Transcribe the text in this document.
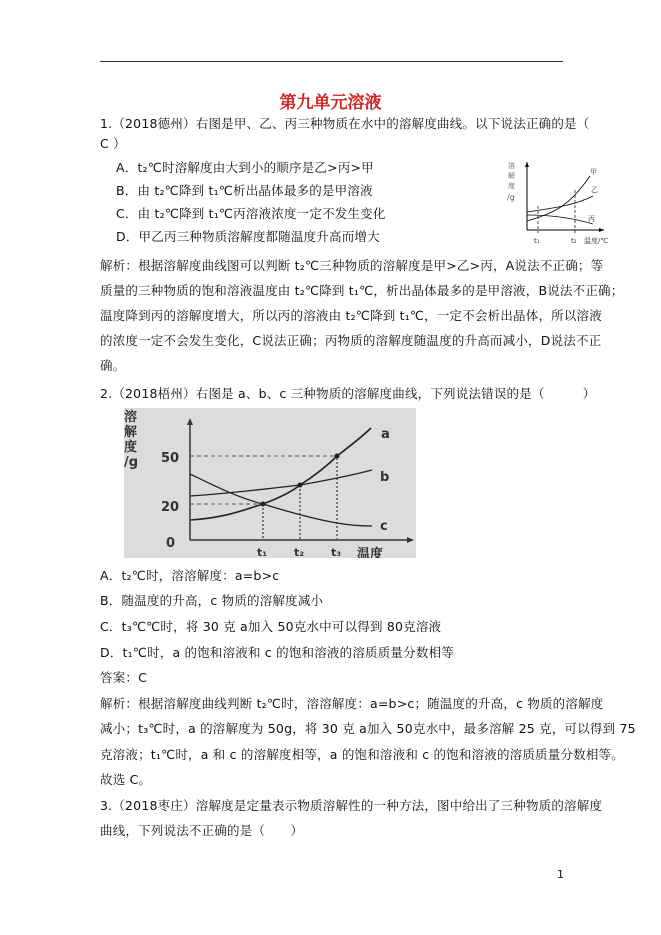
第九单元溶液
1.（2018德州）右图是甲、乙、丙三种物质在水中的溶解度曲线。以下说法正确的是（
C ）
A．t₂℃时溶解度由大到小的顺序是乙>丙>甲
B．由 t₂℃降到 t₁℃析出晶体最多的是甲溶液
C．由 t₂℃降到 t₁℃丙溶液浓度一定不发生变化
D．甲乙丙三种物质溶解度都随温度升高而增大
溶
解
度
/g
甲
乙
丙
t₁	t₂ 温度/℃
解析：根据溶解度曲线图可以判断 t₂℃三种物质的溶解度是甲>乙>丙，A说法不正确；等
质量的三种物质的饱和溶液温度由 t₂℃降到 t₁℃，析出晶体最多的是甲溶液，B说法不正确；
温度降到丙的溶解度增大，所以丙的溶液由 t₂℃降到 t₁℃，一定不会析出晶体，所以溶液
的浓度一定不会发生变化，C说法正确；丙物质的溶解度随温度的升高而减小，D说法不正
确。
2.（2018梧州）右图是 a、b、c 三种物质的溶解度曲线，下列说法错误的是（　　　）
溶
解
度
/g 50
20
0
a
b
c
t₁ t₂ t₃ 温度
A．t₂℃时，溶溶解度：a=b>c
B．随温度的升高，c 物质的溶解度减小
C．t₃℃℃时，将 30 克 a加入 50克水中可以得到 80克溶液
D．t₁℃时，a 的饱和溶液和 c 的饱和溶液的溶质质量分数相等
答案：C
解析：根据溶解度曲线判断 t₂℃时，溶溶解度：a=b>c；随温度的升高，c 物质的溶解度
减小；t₃℃时，a 的溶解度为 50g，将 30 克 a加入 50克水中，最多溶解 25 克，可以得到 75
克溶液；t₁℃时，a 和 c 的溶解度相等，a 的饱和溶液和 c 的饱和溶液的溶质质量分数相等。
故选 C。
3.（2018枣庄）溶解度是定量表示物质溶解性的一种方法，图中给出了三种物质的溶解度
曲线，下列说法不正确的是（　　）
1
